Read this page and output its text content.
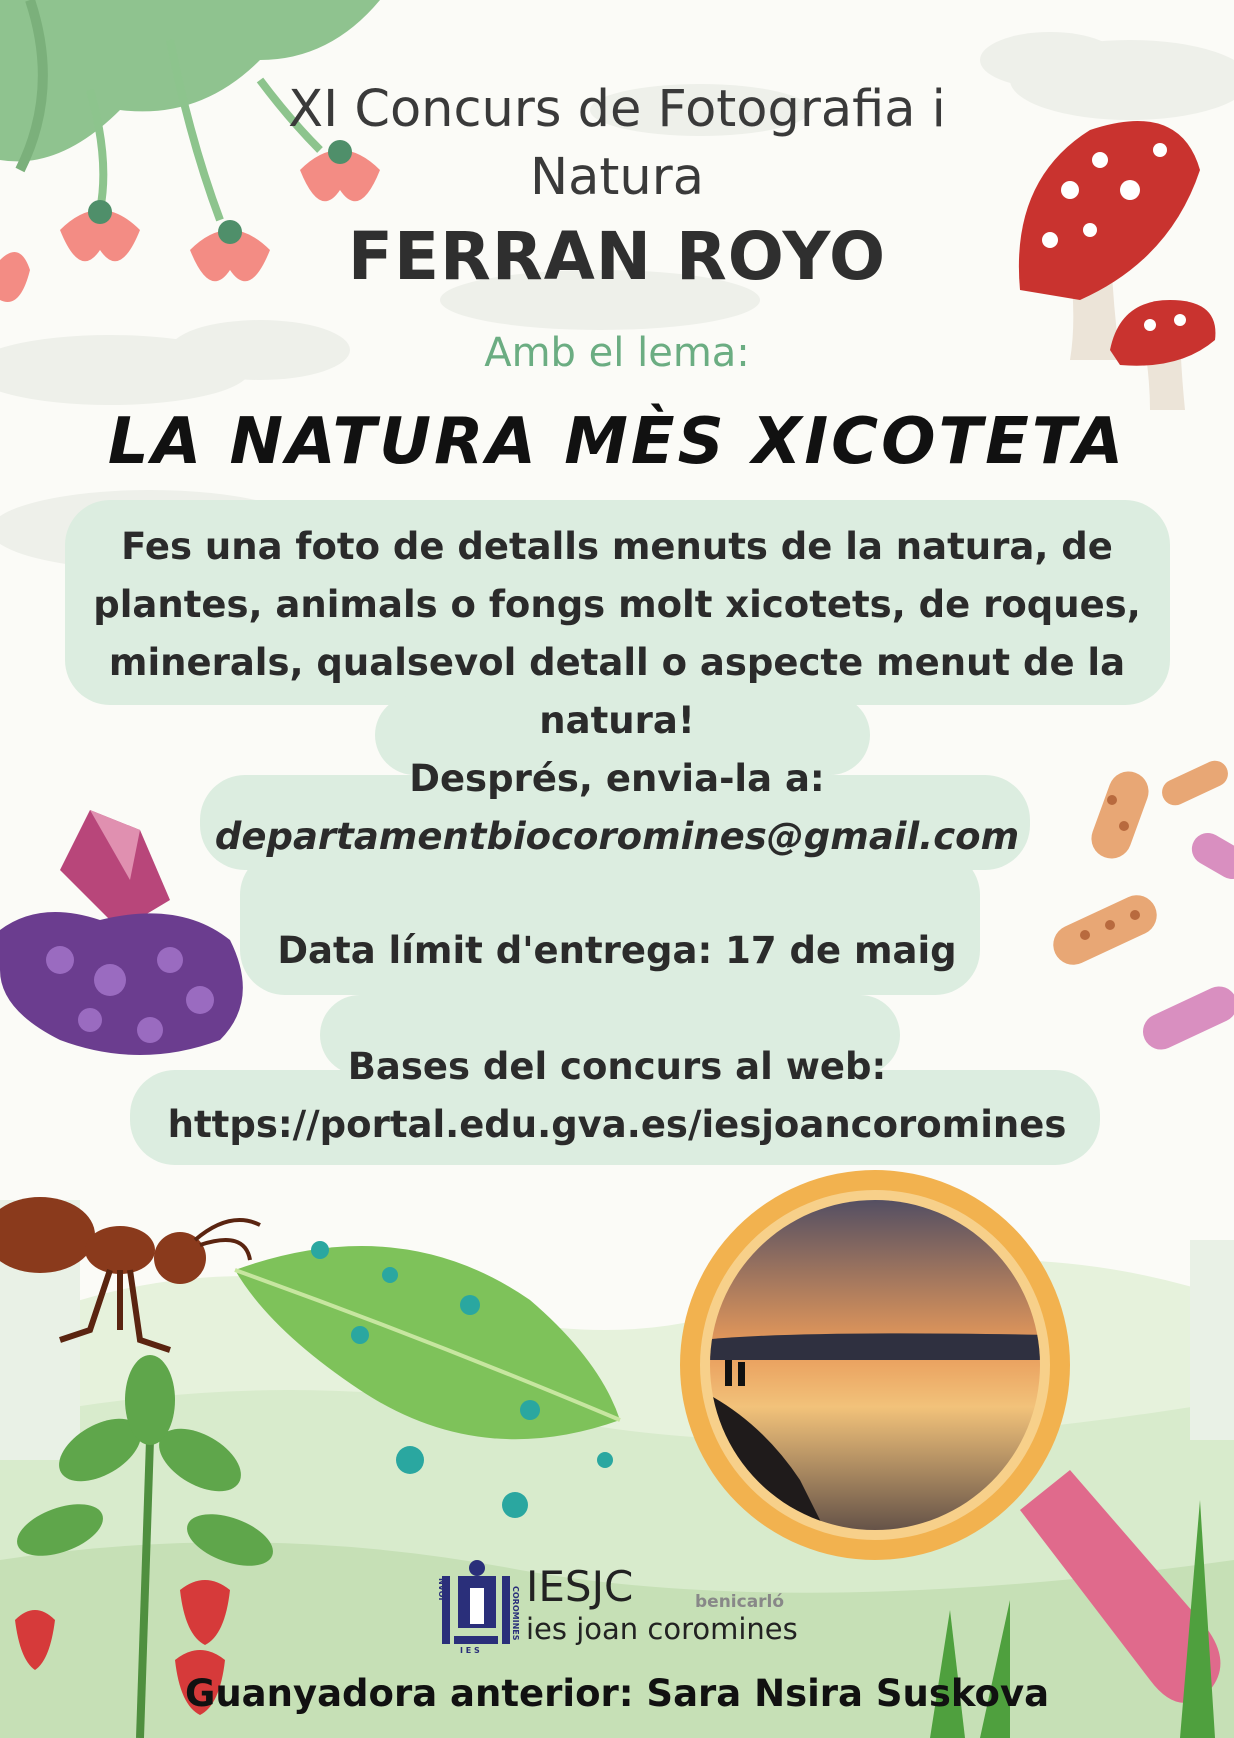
XI Concurs de Fotografia i

Natura

FERRAN ROYO

Amb el lema:

LA NATURA MÈS XICOTETA

Fes una foto de detalls menuts de la natura, de

plantes, animals o fongs molt xicotets, de roques,

minerals, qualsevol detall o aspecte menut de la

natura!

Després, envia-la a:

departamentbiocoromines@gmail.com

Data límit d'entrega: 17 de maig

Bases del concurs al web:

https://portal.edu.gva.es/iesjoancoromines

JOAN
I E S
COROMINES IESJC	benicarló
ies joan coromines

Guanyadora anterior: Sara Nsira Suskova
